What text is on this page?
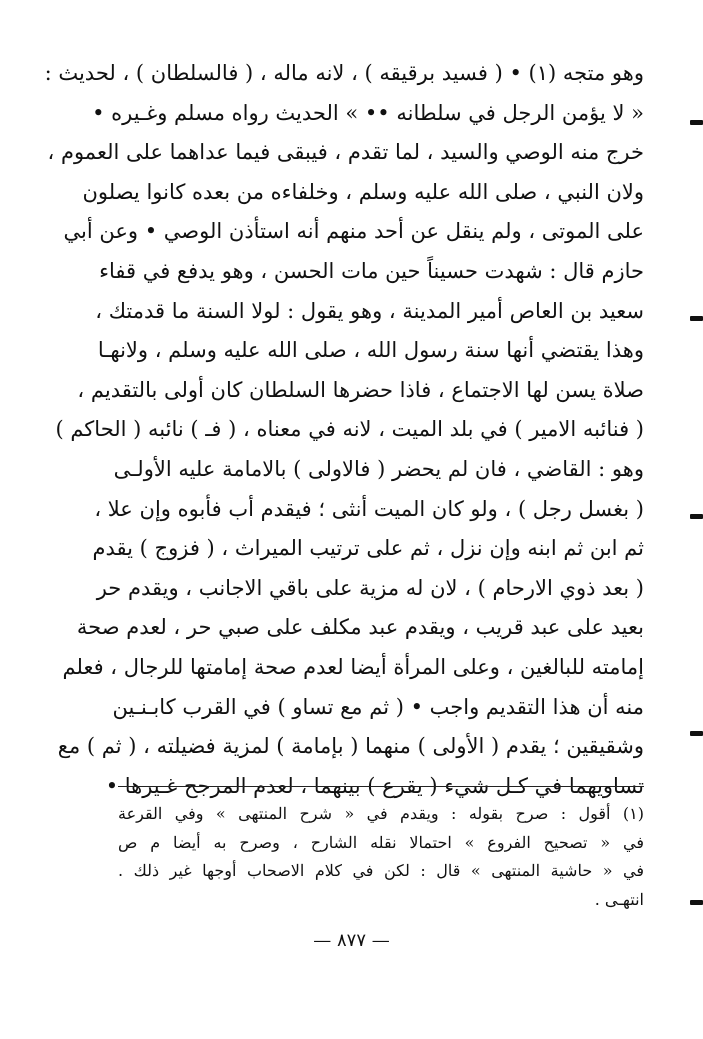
وهو متجه (١) • ( فسيد برقيقه ) ، لانه ماله ، ( فالسلطان ) ، لحديث :
« لا يؤمن الرجل في سلطانه •• » الحديث رواه مسلم وغـيره •
خرج منه الوصي والسيد ، لما تقدم ، فيبقى فيما عداهما على العموم ،
ولان النبي ، صلى الله عليه وسلم ، وخلفاءه من بعده كانوا يصلون
على الموتى ، ولم ينقل عن أحد منهم أنه استأذن الوصي • وعن أبي
حازم قال : شهدت حسيناً حين مات الحسن ، وهو يدفع في قفاء
سعيد بن العاص أمير المدينة ، وهو يقول : لولا السنة ما قدمتك ،
وهذا يقتضي أنها سنة رسول الله ، صلى الله عليه وسلم ، ولانهـا
صلاة يسن لها الاجتماع ، فاذا حضرها السلطان كان أولى بالتقديم ،
( فنائبه الامير ) في بلد الميت ، لانه في معناه ، ( فـ ) نائبه ( الحاكم )
وهو : القاضي ، فان لم يحضر ( فالاولى ) بالامامة عليه الأولـى
( بغسل رجل ) ، ولو كان الميت أنثى ؛ فيقدم أب فأبوه وإن علا ،
ثم ابن ثم ابنه وإن نزل ، ثم على ترتيب الميراث ، ( فزوج ) يقدم
( بعد ذوي الارحام ) ، لان له مزية على باقي الاجانب ، ويقدم حر
بعيد على عبد قريب ، ويقدم عبد مكلف على صبي حر ، لعدم صحة
إمامته للبالغين ، وعلى المرأة أيضا لعدم صحة إمامتها للرجال ، فعلم
منه أن هذا التقديم واجب • ( ثم مع تساو ) في القرب كابـنـين
وشقيقين ؛ يقدم ( الأولى ) منهما ( بإمامة ) لمزية فضيلته ، ( ثم ) مع
تساويهما في كـل شيء ( يقرع ) بينهما ، لعدم المرجح غـيرها •
(١) أقول : صرح بقوله : ويقدم في « شرح المنتهى » وفي القرعة
في « تصحيح الفروع » احتمالا نقله الشارح ، وصرح به أيضا م ص
في « حاشية المنتهى » قال : لكن في كلام الاصحاب أوجها غير ذلك .
انتهـى .
— ٨٧٧ —
